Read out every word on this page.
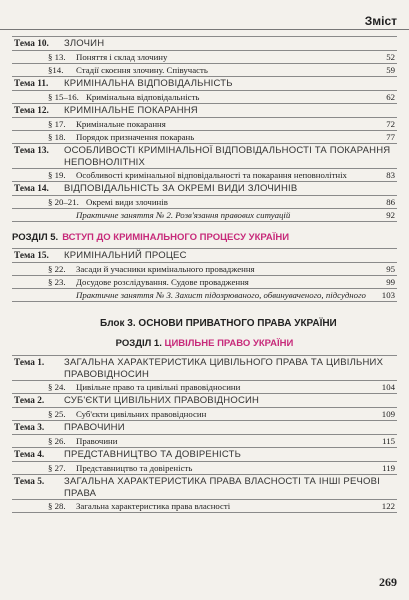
Зміст
Тема 10.	ЗЛОЧИН
§ 13.	Поняття і склад злочину	52
§14.	Стадії скоєння злочину. Співучасть	59
Тема 11.	КРИМІНАЛЬНА ВІДПОВІДАЛЬНІСТЬ
§ 15–16. Кримінальна відповідальність	62
Тема 12.	КРИМІНАЛЬНЕ ПОКАРАННЯ
§ 17.	Кримінальне покарання	72
§ 18.	Порядок призначення покарань	77
Тема 13.	ОСОБЛИВОСТІ КРИМІНАЛЬНОЇ ВІДПОВІДАЛЬНОСТІ ТА ПОКАРАННЯ НЕПОВНОЛІТНІХ
§ 19.	Особливості кримінальної відповідальності та покарання неповнолітніх	83
Тема 14.	ВІДПОВІДАЛЬНІСТЬ ЗА ОКРЕМІ ВИДИ ЗЛОЧИНІВ
§ 20–21. Окремі види злочинів	86
Практичне заняття № 2. Розв'язання правових ситуацій	92
РОЗДІЛ 5. ВСТУП ДО КРИМІНАЛЬНОГО ПРОЦЕСУ УКРАЇНИ
Тема 15.	КРИМІНАЛЬНИЙ ПРОЦЕС
§ 22.	Засади й учасники кримінального провадження	95
§ 23.	Досудове розслідування. Судове провадження	99
Практичне заняття № 3. Захист підозрюваного, обвинуваченого, підсудного	103
Блок 3. ОСНОВИ ПРИВАТНОГО ПРАВА УКРАЇНИ
РОЗДІЛ 1. ЦИВІЛЬНЕ ПРАВО УКРАЇНИ
Тема 1.	ЗАГАЛЬНА ХАРАКТЕРИСТИКА ЦИВІЛЬНОГО ПРАВА ТА ЦИВІЛЬНИХ ПРАВОВІДНОСИН
§ 24.	Цивільне право та цивільні правовідносини	104
Тема 2.	СУБ'ЄКТИ ЦИВІЛЬНИХ ПРАВОВІДНОСИН
§ 25.	Суб'єкти цивільних правовідносин	109
Тема 3.	ПРАВОЧИНИ
§ 26.	Правочини	115
Тема 4.	ПРЕДСТАВНИЦТВО ТА ДОВІРЕНІСТЬ
§ 27.	Представництво та довіреність	119
Тема 5.	ЗАГАЛЬНА ХАРАКТЕРИСТИКА ПРАВА ВЛАСНОСТІ ТА ІНШІ РЕЧОВІ ПРАВА
§ 28.	Загальна характеристика права власності	122
269
